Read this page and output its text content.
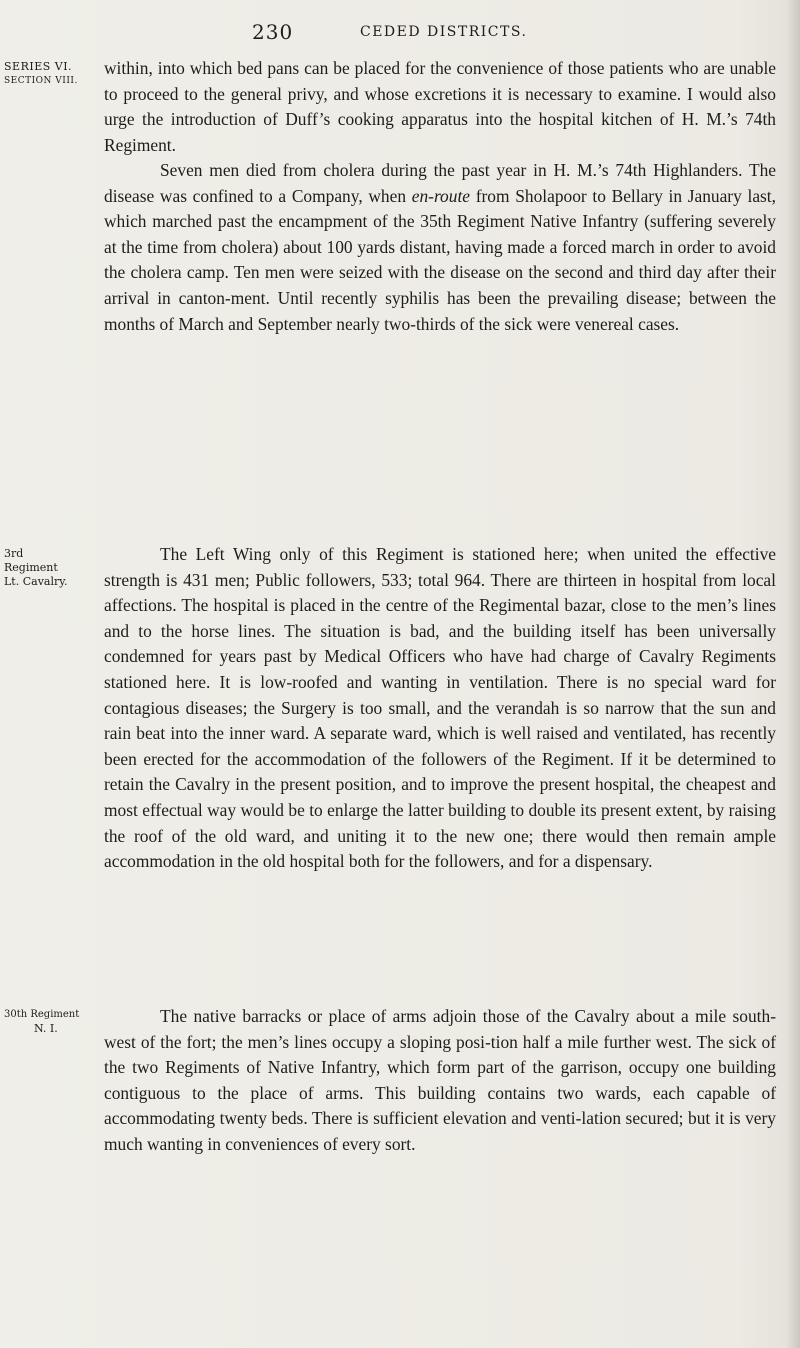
230	CEDED DISTRICTS.
SERIES VI.
SECTION VIII.
3rd Regiment
Lt. Cavalry.
30th Regiment
N. I.

within, into which bed pans can be placed for the convenience of those patients who are unable to proceed to the general privy, and whose excretions it is necessary to examine. I would also urge the introduction of Duff’s cooking apparatus into the hospital kitchen of H. M.’s 74th Regiment.

Seven men died from cholera during the past year in H. M.’s 74th Highlanders. The disease was confined to a Company, when en-route from Sholapoor to Bellary in January last, which marched past the encampment of the 35th Regiment Native Infantry (suffering severely at the time from cholera) about 100 yards distant, having made a forced march in order to avoid the cholera camp. Ten men were seized with the disease on the second and third day after their arrival in canton-ment. Until recently syphilis has been the prevailing disease; between the months of March and September nearly two-thirds of the sick were venereal cases.

The Left Wing only of this Regiment is stationed here; when united the effective strength is 431 men; Public followers, 533; total 964. There are thirteen in hospital from local affections. The hospital is placed in the centre of the Regimental bazar, close to the men’s lines and to the horse lines. The situation is bad, and the building itself has been universally condemned for years past by Medical Officers who have had charge of Cavalry Regiments stationed here. It is low-roofed and wanting in ventilation. There is no special ward for contagious diseases; the Surgery is too small, and the verandah is so narrow that the sun and rain beat into the inner ward. A separate ward, which is well raised and ventilated, has recently been erected for the accommodation of the followers of the Regiment. If it be determined to retain the Cavalry in the present position, and to improve the present hospital, the cheapest and most effectual way would be to enlarge the latter building to double its present extent, by raising the roof of the old ward, and uniting it to the new one; there would then remain ample accommodation in the old hospital both for the followers, and for a dispensary.

The native barracks or place of arms adjoin those of the Cavalry about a mile south-west of the fort; the men’s lines occupy a sloping posi-tion half a mile further west. The sick of the two Regiments of Native Infantry, which form part of the garrison, occupy one building contiguous to the place of arms. This building contains two wards, each capable of accommodating twenty beds. There is sufficient elevation and venti-lation secured; but it is very much wanting in conveniences of every sort.
